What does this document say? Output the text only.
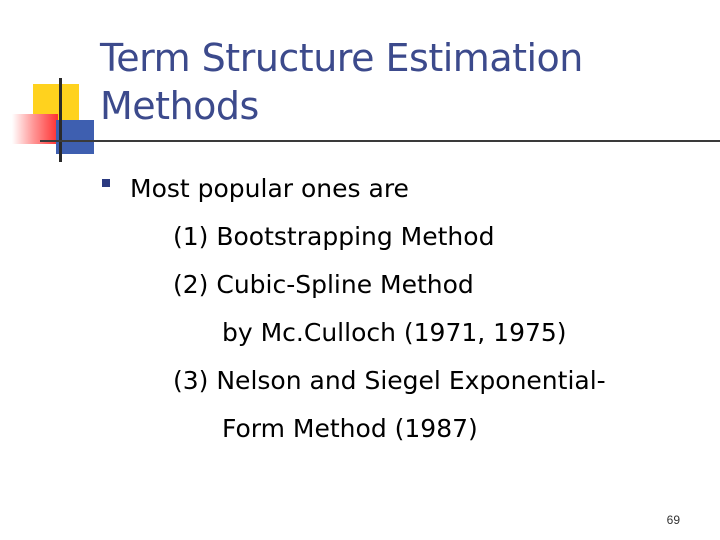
Term Structure Estimation
Methods
Most popular ones are
(1) Bootstrapping Method
(2) Cubic-Spline Method
by Mc.Culloch (1971, 1975)
(3) Nelson and Siegel Exponential-
Form Method (1987)
69
